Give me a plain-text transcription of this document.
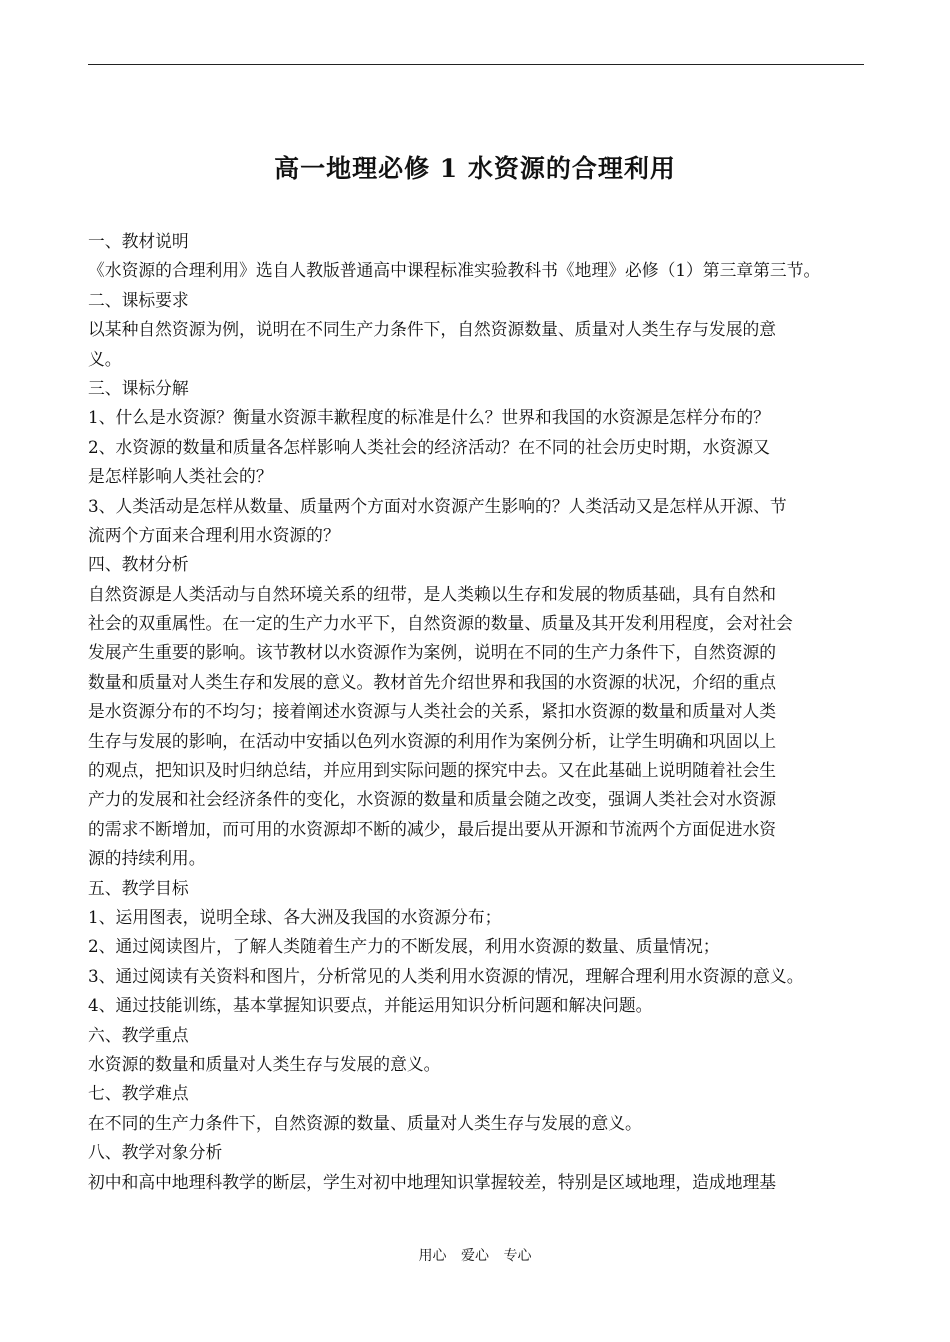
高一地理必修 1 水资源的合理利用

一、教材说明

《水资源的合理利用》选自人教版普通高中课程标准实验教科书《地理》必修（1）第三章第三节。

二、课标要求

以某种自然资源为例，说明在不同生产力条件下，自然资源数量、质量对人类生存与发展的意

义。

三、课标分解

1、什么是水资源？衡量水资源丰歉程度的标准是什么？世界和我国的水资源是怎样分布的？

2、水资源的数量和质量各怎样影响人类社会的经济活动？在不同的社会历史时期，水资源又

是怎样影响人类社会的？

3、人类活动是怎样从数量、质量两个方面对水资源产生影响的？人类活动又是怎样从开源、节

流两个方面来合理利用水资源的？

四、教材分析

自然资源是人类活动与自然环境关系的纽带，是人类赖以生存和发展的物质基础，具有自然和

社会的双重属性。在一定的生产力水平下，自然资源的数量、质量及其开发利用程度，会对社会

发展产生重要的影响。该节教材以水资源作为案例，说明在不同的生产力条件下，自然资源的

数量和质量对人类生存和发展的意义。教材首先介绍世界和我国的水资源的状况，介绍的重点

是水资源分布的不均匀；接着阐述水资源与人类社会的关系，紧扣水资源的数量和质量对人类

生存与发展的影响，在活动中安插以色列水资源的利用作为案例分析，让学生明确和巩固以上

的观点，把知识及时归纳总结，并应用到实际问题的探究中去。又在此基础上说明随着社会生

产力的发展和社会经济条件的变化，水资源的数量和质量会随之改变，强调人类社会对水资源

的需求不断增加，而可用的水资源却不断的减少，最后提出要从开源和节流两个方面促进水资

源的持续利用。

五、教学目标

1、运用图表，说明全球、各大洲及我国的水资源分布；

2、通过阅读图片，了解人类随着生产力的不断发展，利用水资源的数量、质量情况；

3、通过阅读有关资料和图片，分析常见的人类利用水资源的情况，理解合理利用水资源的意义。

4、通过技能训练，基本掌握知识要点，并能运用知识分析问题和解决问题。

六、教学重点

水资源的数量和质量对人类生存与发展的意义。

七、教学难点

在不同的生产力条件下，自然资源的数量、质量对人类生存与发展的意义。

八、教学对象分析

初中和高中地理科教学的断层，学生对初中地理知识掌握较差，特别是区域地理，造成地理基

用心 爱心 专心
